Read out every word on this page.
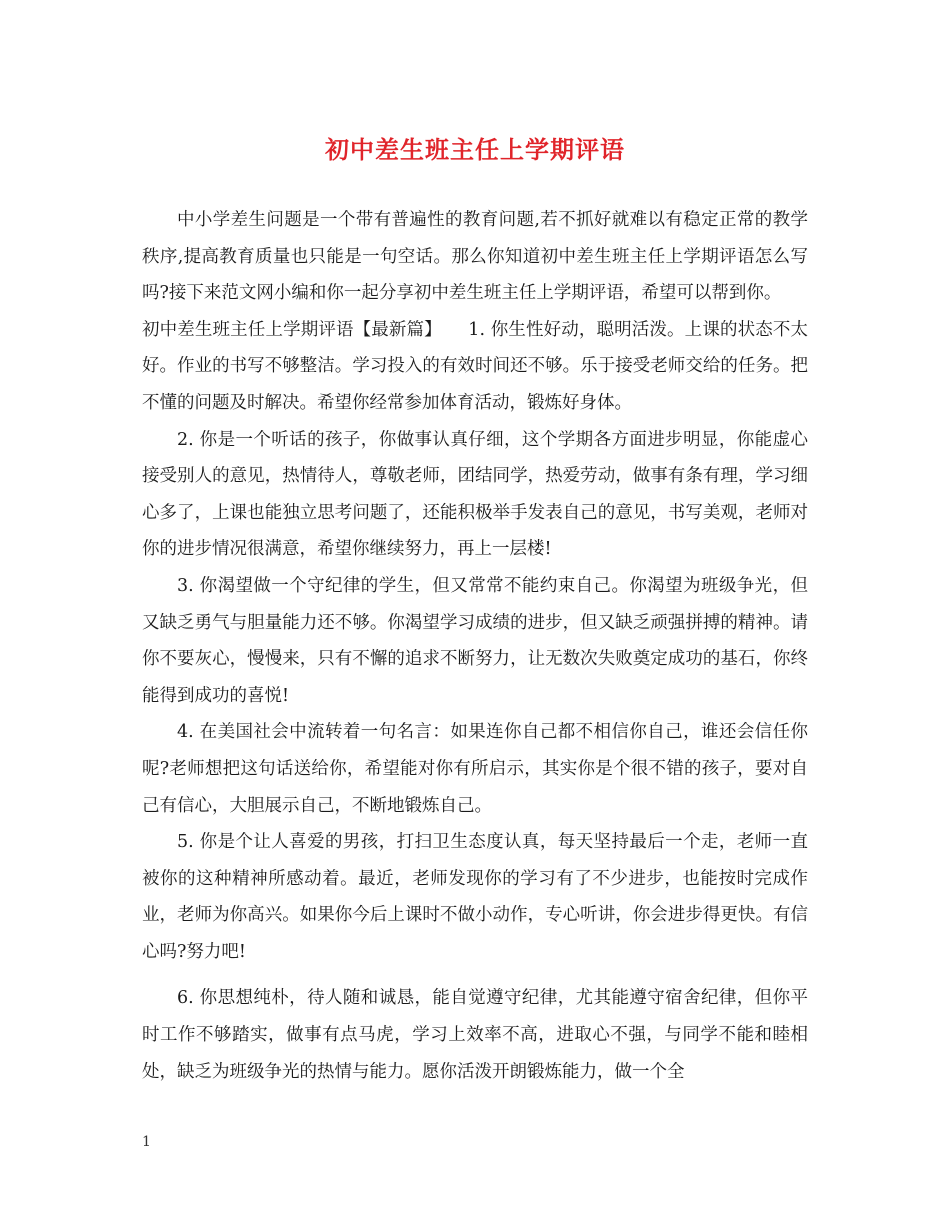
初中差生班主任上学期评语

中小学差生问题是一个带有普遍性的教育问题,若不抓好就难以有稳定正常的教学秩序,提高教育质量也只能是一句空话。那么你知道初中差生班主任上学期评语怎么写吗?接下来范文网小编和你一起分享初中差生班主任上学期评语，希望可以帮到你。

初中差生班主任上学期评语【最新篇】　　1. 你生性好动，聪明活泼。上课的状态不太好。作业的书写不够整洁。学习投入的有效时间还不够。乐于接受老师交给的任务。把不懂的问题及时解决。希望你经常参加体育活动，锻炼好身体。

2. 你是一个听话的孩子，你做事认真仔细，这个学期各方面进步明显，你能虚心接受别人的意见，热情待人，尊敬老师，团结同学，热爱劳动，做事有条有理，学习细心多了，上课也能独立思考问题了，还能积极举手发表自己的意见，书写美观，老师对你的进步情况很满意，希望你继续努力，再上一层楼!

3. 你渴望做一个守纪律的学生，但又常常不能约束自己。你渴望为班级争光，但又缺乏勇气与胆量能力还不够。你渴望学习成绩的进步，但又缺乏顽强拼搏的精神。请你不要灰心，慢慢来，只有不懈的追求不断努力，让无数次失败奠定成功的基石，你终能得到成功的喜悦!

4. 在美国社会中流转着一句名言：如果连你自己都不相信你自己，谁还会信任你呢?老师想把这句话送给你，希望能对你有所启示，其实你是个很不错的孩子，要对自己有信心，大胆展示自己，不断地锻炼自己。

5. 你是个让人喜爱的男孩，打扫卫生态度认真，每天坚持最后一个走，老师一直被你的这种精神所感动着。最近，老师发现你的学习有了不少进步，也能按时完成作业，老师为你高兴。如果你今后上课时不做小动作，专心听讲，你会进步得更快。有信心吗?努力吧!

6. 你思想纯朴，待人随和诚恳，能自觉遵守纪律，尤其能遵守宿舍纪律，但你平时工作不够踏实，做事有点马虎，学习上效率不高，进取心不强，与同学不能和睦相处，缺乏为班级争光的热情与能力。愿你活泼开朗锻炼能力，做一个全

1
